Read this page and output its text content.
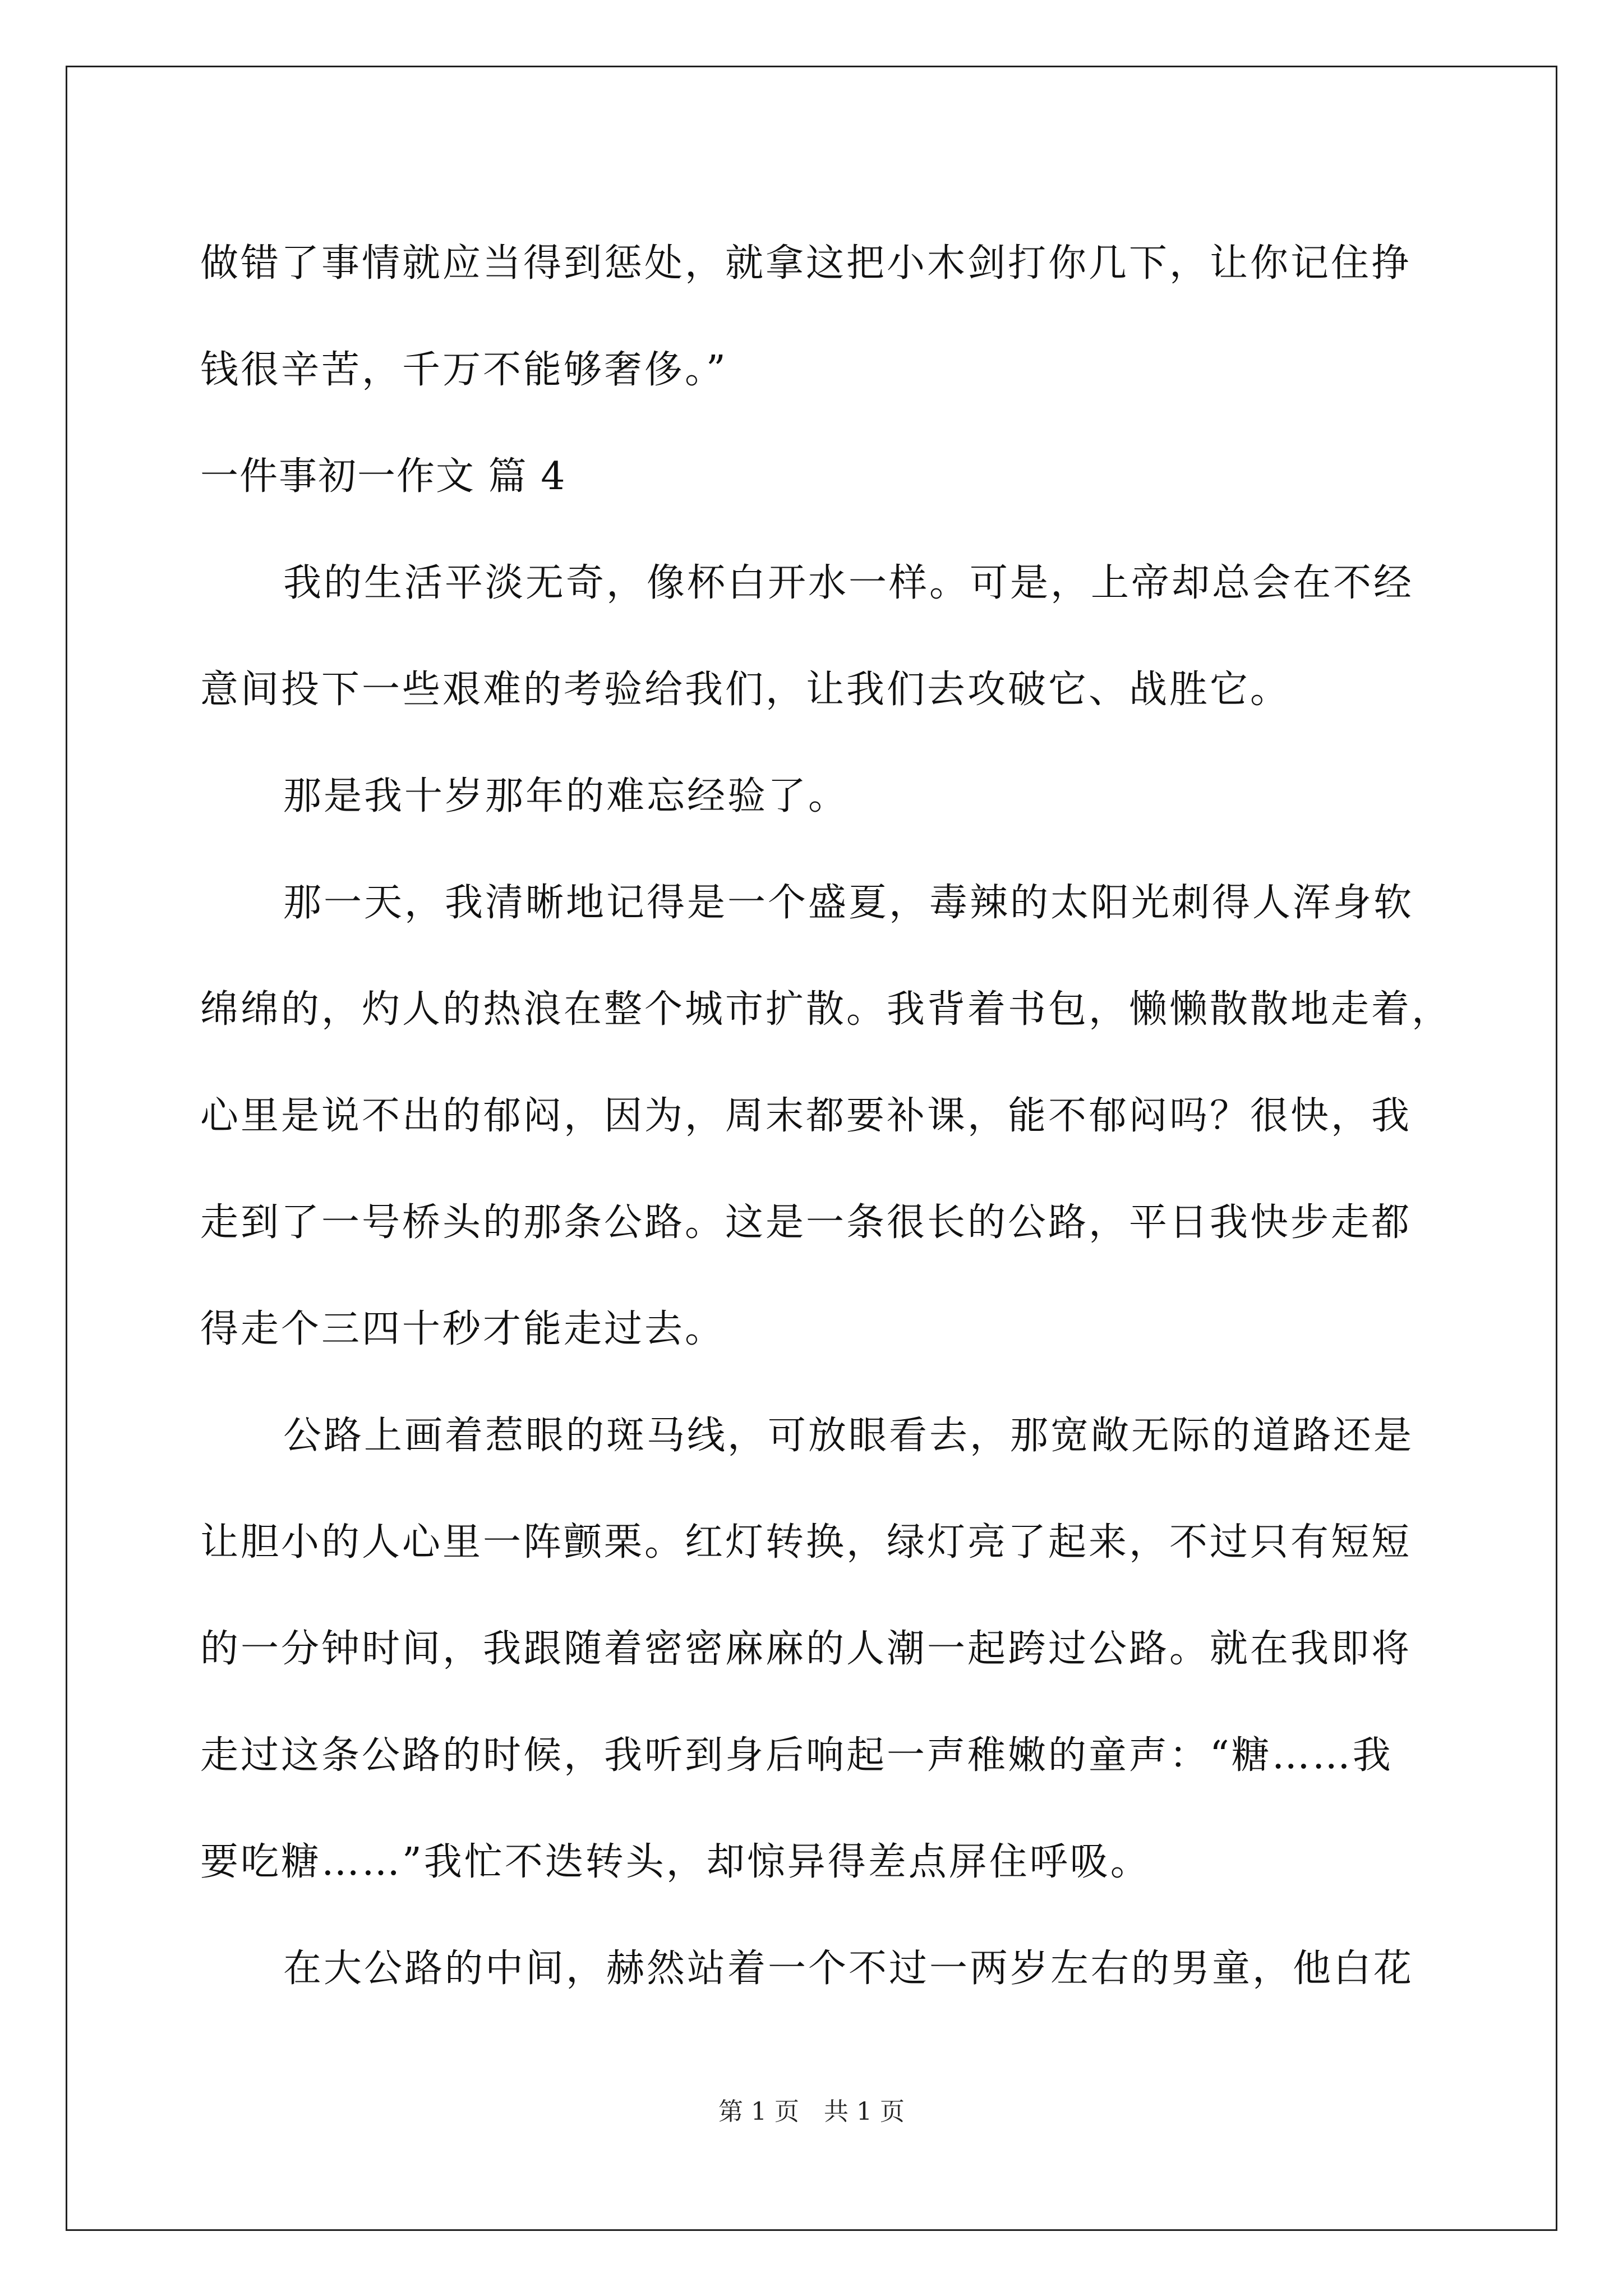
做错了事情就应当得到惩处，就拿这把小木剑打你几下，让你记住挣
钱很辛苦，千万不能够奢侈。”
一件事初一作文 篇 4
我的生活平淡无奇，像杯白开水一样。可是，上帝却总会在不经
意间投下一些艰难的考验给我们，让我们去攻破它、战胜它。
那是我十岁那年的难忘经验了。
那一天，我清晰地记得是一个盛夏，毒辣的太阳光刺得人浑身软
绵绵的，灼人的热浪在整个城市扩散。我背着书包，懒懒散散地走着，
心里是说不出的郁闷，因为，周末都要补课，能不郁闷吗？很快，我
走到了一号桥头的那条公路。这是一条很长的公路，平日我快步走都
得走个三四十秒才能走过去。
公路上画着惹眼的斑马线，可放眼看去，那宽敞无际的道路还是
让胆小的人心里一阵颤栗。红灯转换，绿灯亮了起来，不过只有短短
的一分钟时间，我跟随着密密麻麻的人潮一起跨过公路。就在我即将
走过这条公路的时候，我听到身后响起一声稚嫩的童声：“糖……我
要吃糖……”我忙不迭转头，却惊异得差点屏住呼吸。
在大公路的中间，赫然站着一个不过一两岁左右的男童，他白花
第 1 页 共 1 页
